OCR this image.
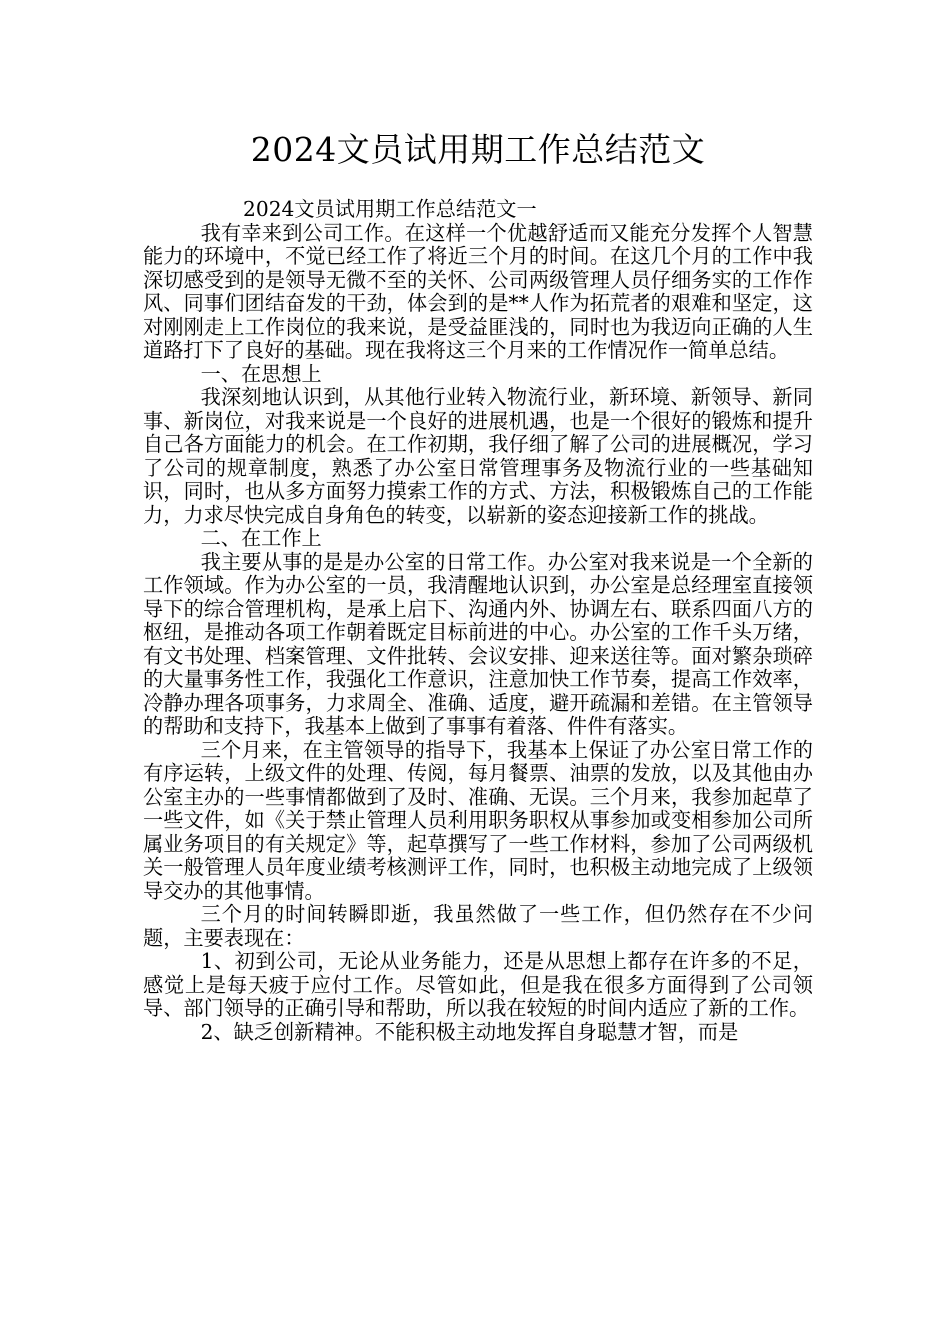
2024文员试用期工作总结范文

2024文员试用期工作总结范文一

我有幸来到公司工作。在这样一个优越舒适而又能充分发挥个人智慧能力的环境中，不觉已经工作了将近三个月的时间。在这几个月的工作中我深切感受到的是领导无微不至的关怀、公司两级管理人员仔细务实的工作作风、同事们团结奋发的干劲，体会到的是**人作为拓荒者的艰难和坚定，这对刚刚走上工作岗位的我来说，是受益匪浅的，同时也为我迈向正确的人生道路打下了良好的基础。现在我将这三个月来的工作情况作一简单总结。

一、在思想上

我深刻地认识到，从其他行业转入物流行业，新环境、新领导、新同事、新岗位，对我来说是一个良好的进展机遇，也是一个很好的锻炼和提升自己各方面能力的机会。在工作初期，我仔细了解了公司的进展概况，学习了公司的规章制度，熟悉了办公室日常管理事务及物流行业的一些基础知识，同时，也从多方面努力摸索工作的方式、方法，积极锻炼自己的工作能力，力求尽快完成自身角色的转变，以崭新的姿态迎接新工作的挑战。

二、在工作上

我主要从事的是是办公室的日常工作。办公室对我来说是一个全新的工作领域。作为办公室的一员，我清醒地认识到，办公室是总经理室直接领导下的综合管理机构，是承上启下、沟通内外、协调左右、联系四面八方的枢纽，是推动各项工作朝着既定目标前进的中心。办公室的工作千头万绪，有文书处理、档案管理、文件批转、会议安排、迎来送往等。面对繁杂琐碎的大量事务性工作，我强化工作意识，注意加快工作节奏，提高工作效率，冷静办理各项事务，力求周全、准确、适度，避开疏漏和差错。在主管领导的帮助和支持下，我基本上做到了事事有着落、件件有落实。

三个月来，在主管领导的指导下，我基本上保证了办公室日常工作的有序运转，上级文件的处理、传阅，每月餐票、油票的发放，以及其他由办公室主办的一些事情都做到了及时、准确、无误。三个月来，我参加起草了一些文件，如《关于禁止管理人员利用职务职权从事参加或变相参加公司所属业务项目的有关规定》等，起草撰写了一些工作材料，参加了公司两级机关一般管理人员年度业绩考核测评工作，同时，也积极主动地完成了上级领导交办的其他事情。

三个月的时间转瞬即逝，我虽然做了一些工作，但仍然存在不少问题，主要表现在：

1、初到公司，无论从业务能力，还是从思想上都存在许多的不足，感觉上是每天疲于应付工作。尽管如此，但是我在很多方面得到了公司领导、部门领导的正确引导和帮助，所以我在较短的时间内适应了新的工作。

2、缺乏创新精神。不能积极主动地发挥自身聪慧才智，而是
